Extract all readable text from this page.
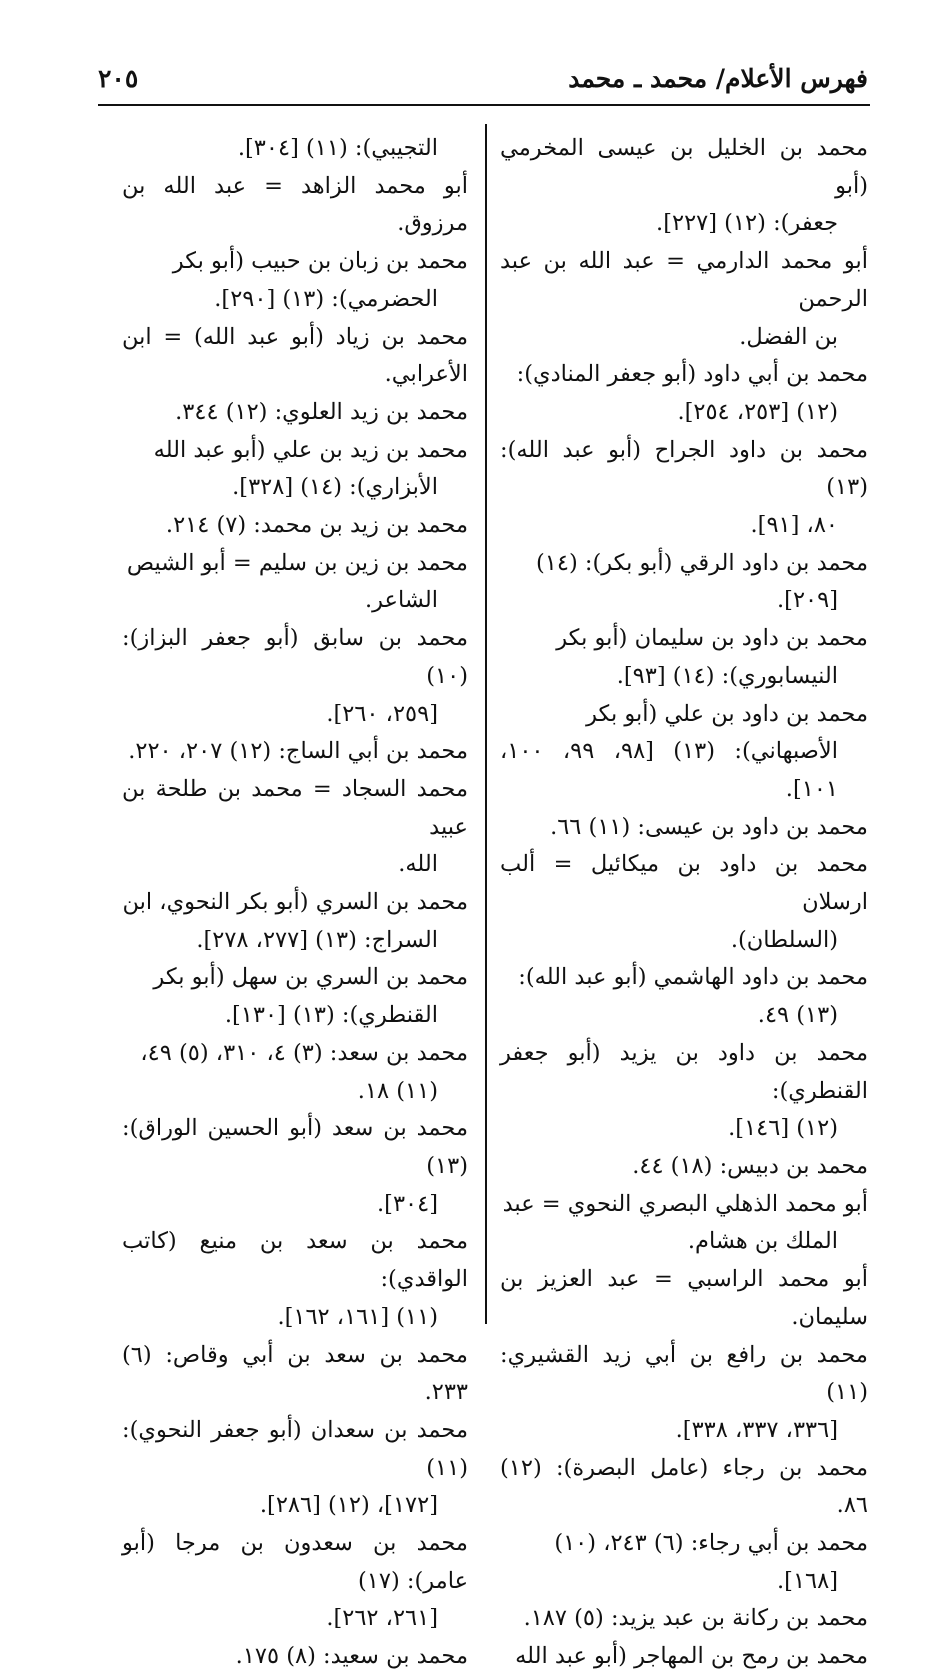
٢٠٥	فهرس الأعلام/ محمد ـ محمد
محمد بن الخليل بن عيسى المخرمي (أبو
جعفر): (١٢) [٢٢٧].
أبو محمد الدارمي = عبد الله بن عبد الرحمن
بن الفضل.
محمد بن أبي داود (أبو جعفر المنادي):
(١٢) [٢٥٣، ٢٥٤].
محمد بن داود الجراح (أبو عبد الله): (١٣)
٨٠، [٩١].
محمد بن داود الرقي (أبو بكر): (١٤)
[٢٠٩].
محمد بن داود بن سليمان (أبو بكر
النيسابوري): (١٤) [٩٣].
محمد بن داود بن علي (أبو بكر
الأصبهاني): (١٣) [٩٨، ٩٩، ١٠٠، ١٠١].
محمد بن داود بن عيسى: (١١) ٦٦.
محمد بن داود بن ميكائيل = ألب ارسلان
(السلطان).
محمد بن داود الهاشمي (أبو عبد الله):
(١٣) ٤٩.
محمد بن داود بن يزيد (أبو جعفر القنطري):
(١٢) [١٤٦].
محمد بن دبيس: (١٨) ٤٤.
أبو محمد الذهلي البصري النحوي = عبد
الملك بن هشام.
أبو محمد الراسبي = عبد العزيز بن سليمان.
محمد بن رافع بن أبي زيد القشيري: (١١)
[٣٣٦، ٣٣٧، ٣٣٨].
محمد بن رجاء (عامل البصرة): (١٢) ٨٦.
محمد بن أبي رجاء: (٦) ٢٤٣، (١٠)
[١٦٨].
محمد بن ركانة بن عبد يزيد: (٥) ١٨٧.
محمد بن رمح بن المهاجر (أبو عبد الله
التجيبي): (١١) [٣٠٤].
أبو محمد الزاهد = عبد الله بن مرزوق.
محمد بن زبان بن حبيب (أبو بكر
الحضرمي): (١٣) [٢٩٠].
محمد بن زياد (أبو عبد الله) = ابن الأعرابي.
محمد بن زيد العلوي: (١٢) ٣٤٤.
محمد بن زيد بن علي (أبو عبد الله
الأبزاري): (١٤) [٣٢٨].
محمد بن زيد بن محمد: (٧) ٢١٤.
محمد بن زين بن سليم = أبو الشيص
الشاعر.
محمد بن سابق (أبو جعفر البزاز): (١٠)
[٢٥٩، ٢٦٠].
محمد بن أبي الساج: (١٢) ٢٠٧، ٢٢٠.
محمد السجاد = محمد بن طلحة بن عبيد
الله.
محمد بن السري (أبو بكر النحوي، ابن
السراج: (١٣) [٢٧٧، ٢٧٨].
محمد بن السري بن سهل (أبو بكر
القنطري): (١٣) [١٣٠].
محمد بن سعد: (٣) ٤، ٣١٠، (٥) ٤٩،
(١١) ١٨.
محمد بن سعد (أبو الحسين الوراق): (١٣)
[٣٠٤].
محمد بن سعد بن منيع (كاتب الواقدي):
(١١) [١٦١، ١٦٢].
محمد بن سعد بن أبي وقاص: (٦) ٢٣٣.
محمد بن سعدان (أبو جعفر النحوي): (١١)
[١٧٢]، (١٢) [٢٨٦].
محمد بن سعدون بن مرجا (أبو عامر): (١٧)
[٢٦١، ٢٦٢].
محمد بن سعيد: (٨) ١٧٥.
